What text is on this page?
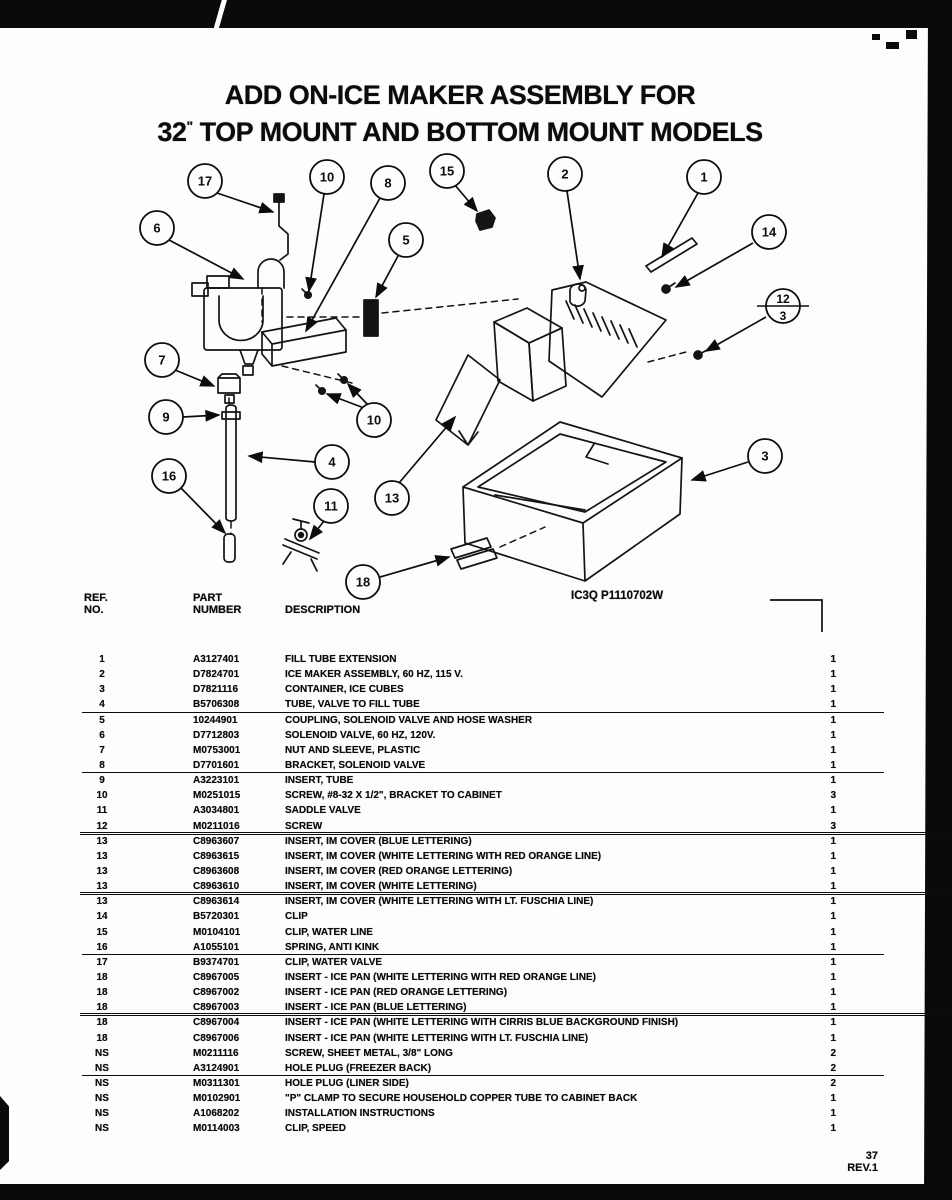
ADD ON-ICE MAKER ASSEMBLY FOR
32" TOP MOUNT AND BOTTOM MOUNT MODELS
17	10	8
15	2	1
14
12
3
6
5
7
9
4
10
16
13
3
11
18
REF.
NO.
PART
NUMBER	DESCRIPTION
IC3Q P1110702W
1	A3127401	FILL TUBE EXTENSION	1
2	D7824701	ICE MAKER ASSEMBLY, 60 HZ, 115 V.	1
3	D7821116	CONTAINER, ICE CUBES	1
4	B5706308	TUBE, VALVE TO FILL TUBE	1
5	10244901	COUPLING, SOLENOID VALVE AND HOSE WASHER	1
6	D7712803	SOLENOID VALVE, 60 HZ, 120V.	1
7	M0753001	NUT AND SLEEVE, PLASTIC	1
8	D7701601	BRACKET, SOLENOID VALVE	1
9	A3223101	INSERT, TUBE	1
10	M0251015	SCREW, #8-32 X 1/2", BRACKET TO CABINET	3
11	A3034801	SADDLE VALVE	1
12	M0211016	SCREW	3
13	C8963607	INSERT, IM COVER (BLUE LETTERING)	1
13	C8963615	INSERT, IM COVER (WHITE LETTERING WITH RED ORANGE LINE)	1
13	C8963608	INSERT, IM COVER (RED ORANGE LETTERING)	1
13	C8963610	INSERT, IM COVER (WHITE LETTERING)	1
13	C8963614	INSERT, IM COVER (WHITE LETTERING WITH LT. FUSCHIA LINE)	1
14	B5720301	CLIP	1
15	M0104101	CLIP, WATER LINE	1
16	A1055101	SPRING, ANTI KINK	1
17	B9374701	CLIP, WATER VALVE	1
18	C8967005	INSERT - ICE PAN (WHITE LETTERING WITH RED ORANGE LINE)	1
18	C8967002	INSERT - ICE PAN (RED ORANGE LETTERING)	1
18	C8967003	INSERT - ICE PAN (BLUE LETTERING)	1
18	C8967004	INSERT - ICE PAN (WHITE LETTERING WITH CIRRIS BLUE BACKGROUND FINISH)	1
18	C8967006	INSERT - ICE PAN (WHITE LETTERING WITH LT. FUSCHIA LINE)	1
NS	M0211116	SCREW, SHEET METAL, 3/8" LONG	2
NS	A3124901	HOLE PLUG (FREEZER BACK)	2
NS	M0311301	HOLE PLUG (LINER SIDE)	2
NS	M0102901	"P" CLAMP TO SECURE HOUSEHOLD COPPER TUBE TO CABINET BACK	1
NS	A1068202	INSTALLATION INSTRUCTIONS	1
NS	M0114003	CLIP, SPEED	1
37
REV.1
